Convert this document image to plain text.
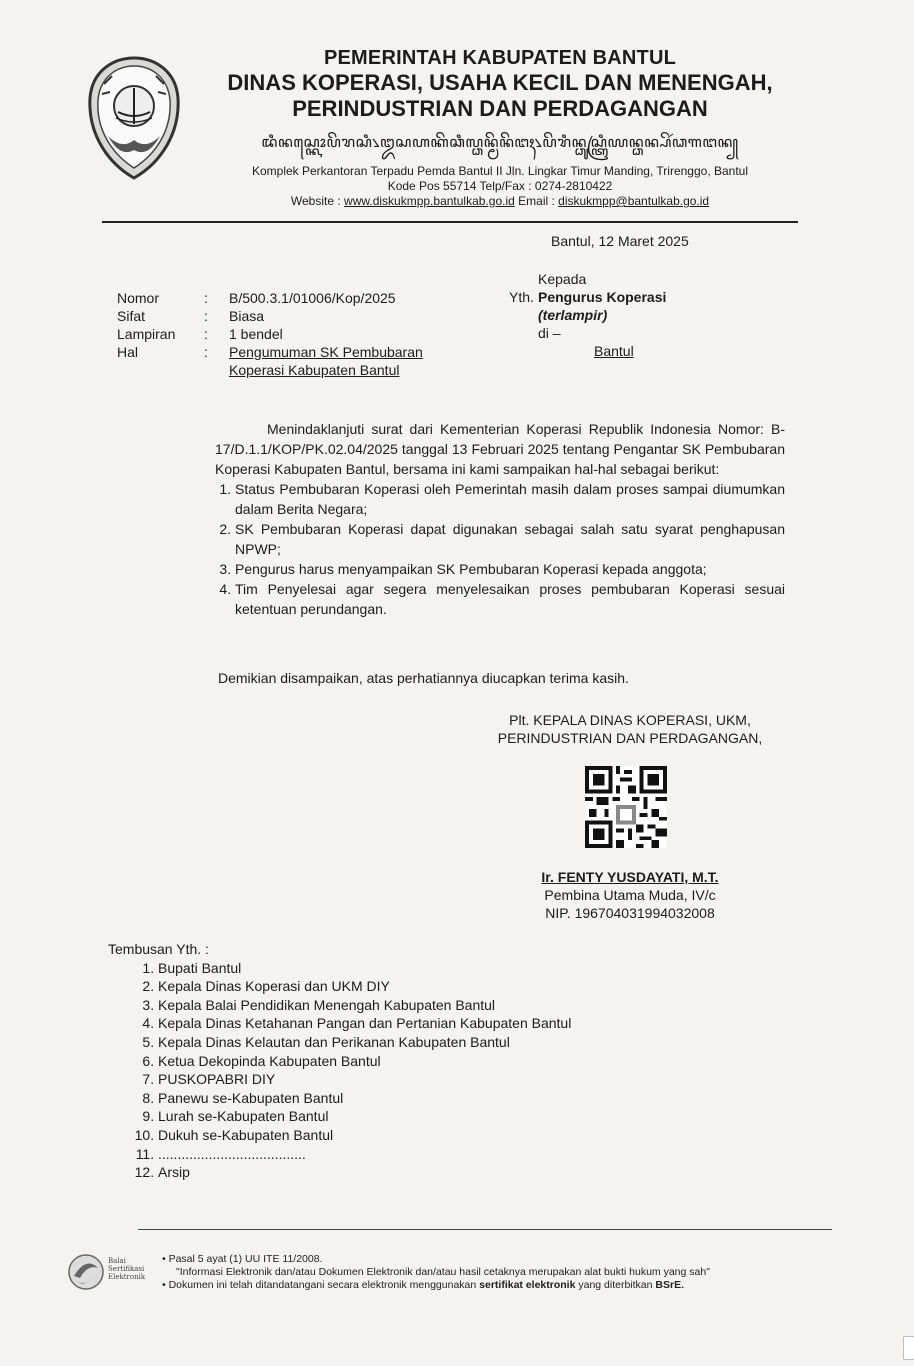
PEMERINTAH KABUPATEN BANTUL
DINAS KOPERASI, USAHA KECIL DAN MENENGAH,
PERINDUSTRIAN DAN PERDAGANGAN
ꦢꦶꦤꦱ꧀ꦏꦺꦴꦥꦼꦫꦱꦶ꧈ꦈꦱꦲꦏꦼꦕꦶꦭ꧀ꦣꦤ꧀ꦩꦼꦤꦼꦔꦃ꧈ꦥꦼꦫꦶꦤ꧀ꦣꦸꦱ꧀ꦠꦿꦶꦪꦤ꧀ꦣꦤ꧀ꦥꦼꦂꦣꦒꦔꦤ꧀
Komplek Perkantoran Terpadu Pemda Bantul II Jln. Lingkar Timur Manding, Trirenggo, Bantul
Kode Pos 55714 Telp/Fax : 0274-2810422
Website : www.diskukmpp.bantulkab.go.id Email : diskukmpp@bantulkab.go.id
Bantul, 12 Maret 2025
Nomor	:	B/500.3.1/01006/Kop/2025
Sifat	:	Biasa
Lampiran	:	1 bendel
Hal	:	Pengumuman SK Pembubaran
Koperasi Kabupaten Bantul
Kepada
Yth. Pengurus Koperasi
(terlampir)
di –
Bantul

Menindaklanjuti surat dari Kementerian Koperasi Republik Indonesia Nomor: B-17/D.1.1/KOP/PK.02.04/2025 tanggal 13 Februari 2025 tentang Pengantar SK Pembubaran Koperasi Kabupaten Bantul, bersama ini kami sampaikan hal-hal sebagai berikut:

1. Status Pembubaran Koperasi oleh Pemerintah masih dalam proses sampai diumumkan dalam Berita Negara;
2. SK Pembubaran Koperasi dapat digunakan sebagai salah satu syarat penghapusan NPWP;
3. Pengurus harus menyampaikan SK Pembubaran Koperasi kepada anggota;
4. Tim Penyelesai agar segera menyelesaikan proses pembubaran Koperasi sesuai ketentuan perundangan.
Demikian disampaikan, atas perhatiannya diucapkan terima kasih.
Plt. KEPALA DINAS KOPERASI, UKM,
PERINDUSTRIAN DAN PERDAGANGAN,
Ir. FENTY YUSDAYATI, M.T.
Pembina Utama Muda, IV/c
NIP. 196704031994032008
Tembusan Yth. :
1. Bupati Bantul
2. Kepala Dinas Koperasi dan UKM DIY
3. Kepala Balai Pendidikan Menengah Kabupaten Bantul
4. Kepala Dinas Ketahanan Pangan dan Pertanian Kabupaten Bantul
5. Kepala Dinas Kelautan dan Perikanan Kabupaten Bantul
6. Ketua Dekopinda Kabupaten Bantul
7. PUSKOPABRI DIY
8. Panewu se-Kabupaten Bantul
9. Lurah se-Kabupaten Bantul
10. Dukuh se-Kabupaten Bantul
11. ......................................
12. Arsip
Balai
Sertifikasi
Elektronik
• Pasal 5 ayat (1) UU ITE 11/2008.
"Informasi Elektronik dan/atau Dokumen Elektronik dan/atau hasil cetaknya merupakan alat bukti hukum yang sah"
• Dokumen ini telah ditandatangani secara elektronik menggunakan sertifikat elektronik yang diterbitkan BSrE.
